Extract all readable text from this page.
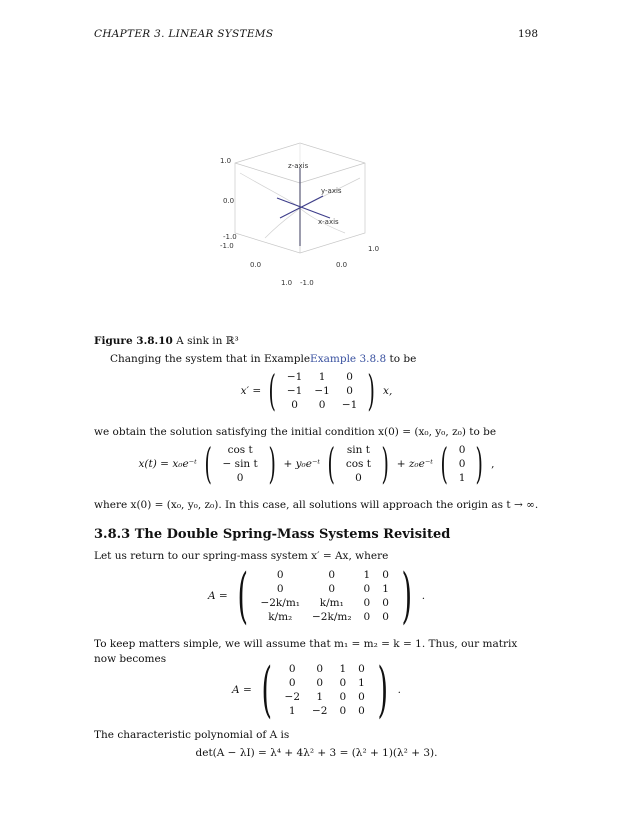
CHAPTER 3. LINEAR SYSTEMS	198
z-axis
y-axis
x-axis
1.0
0.0
-1.0
-1.0	1.0
0.0	0.0
1.0 -1.0
Figure 3.8.10 A sink in ℝ³
Changing the system that in ExampleExample 3.8.8 to be
x′ = ( −1	1	0
−1	−1	0
0	0	−1 ) x,
we obtain the solution satisfying the initial condition x(0) = (x₀, y₀, z₀) to be
x(t) = x₀e⁻ᵗ ( cos t
− sin t
0 ) + y₀e⁻ᵗ ( sin t
cos t
0 ) + z₀e⁻ᵗ ( 0
0
1 ) ,
where x(0) = (x₀, y₀, z₀). In this case, all solutions will approach the origin as t → ∞.
3.8.3 The Double Spring-Mass Systems Revisited
Let us return to our spring-mass system x′ = Ax, where
A = (	0	0	1	0
0	0	0	1
−2k/m₁	k/m₁	0	0
k/m₂	−2k/m₂	0	0 ) .
To keep matters simple, we will assume that m₁ = m₂ = k = 1. Thus, our matrix now becomes
A = ( 0	0	1	0
0	0	0	1
−2	1	0	0
1	−2	0	0 ) .
The characteristic polynomial of A is
det(A − λI) = λ⁴ + 4λ² + 3 = (λ² + 1)(λ² + 3).
